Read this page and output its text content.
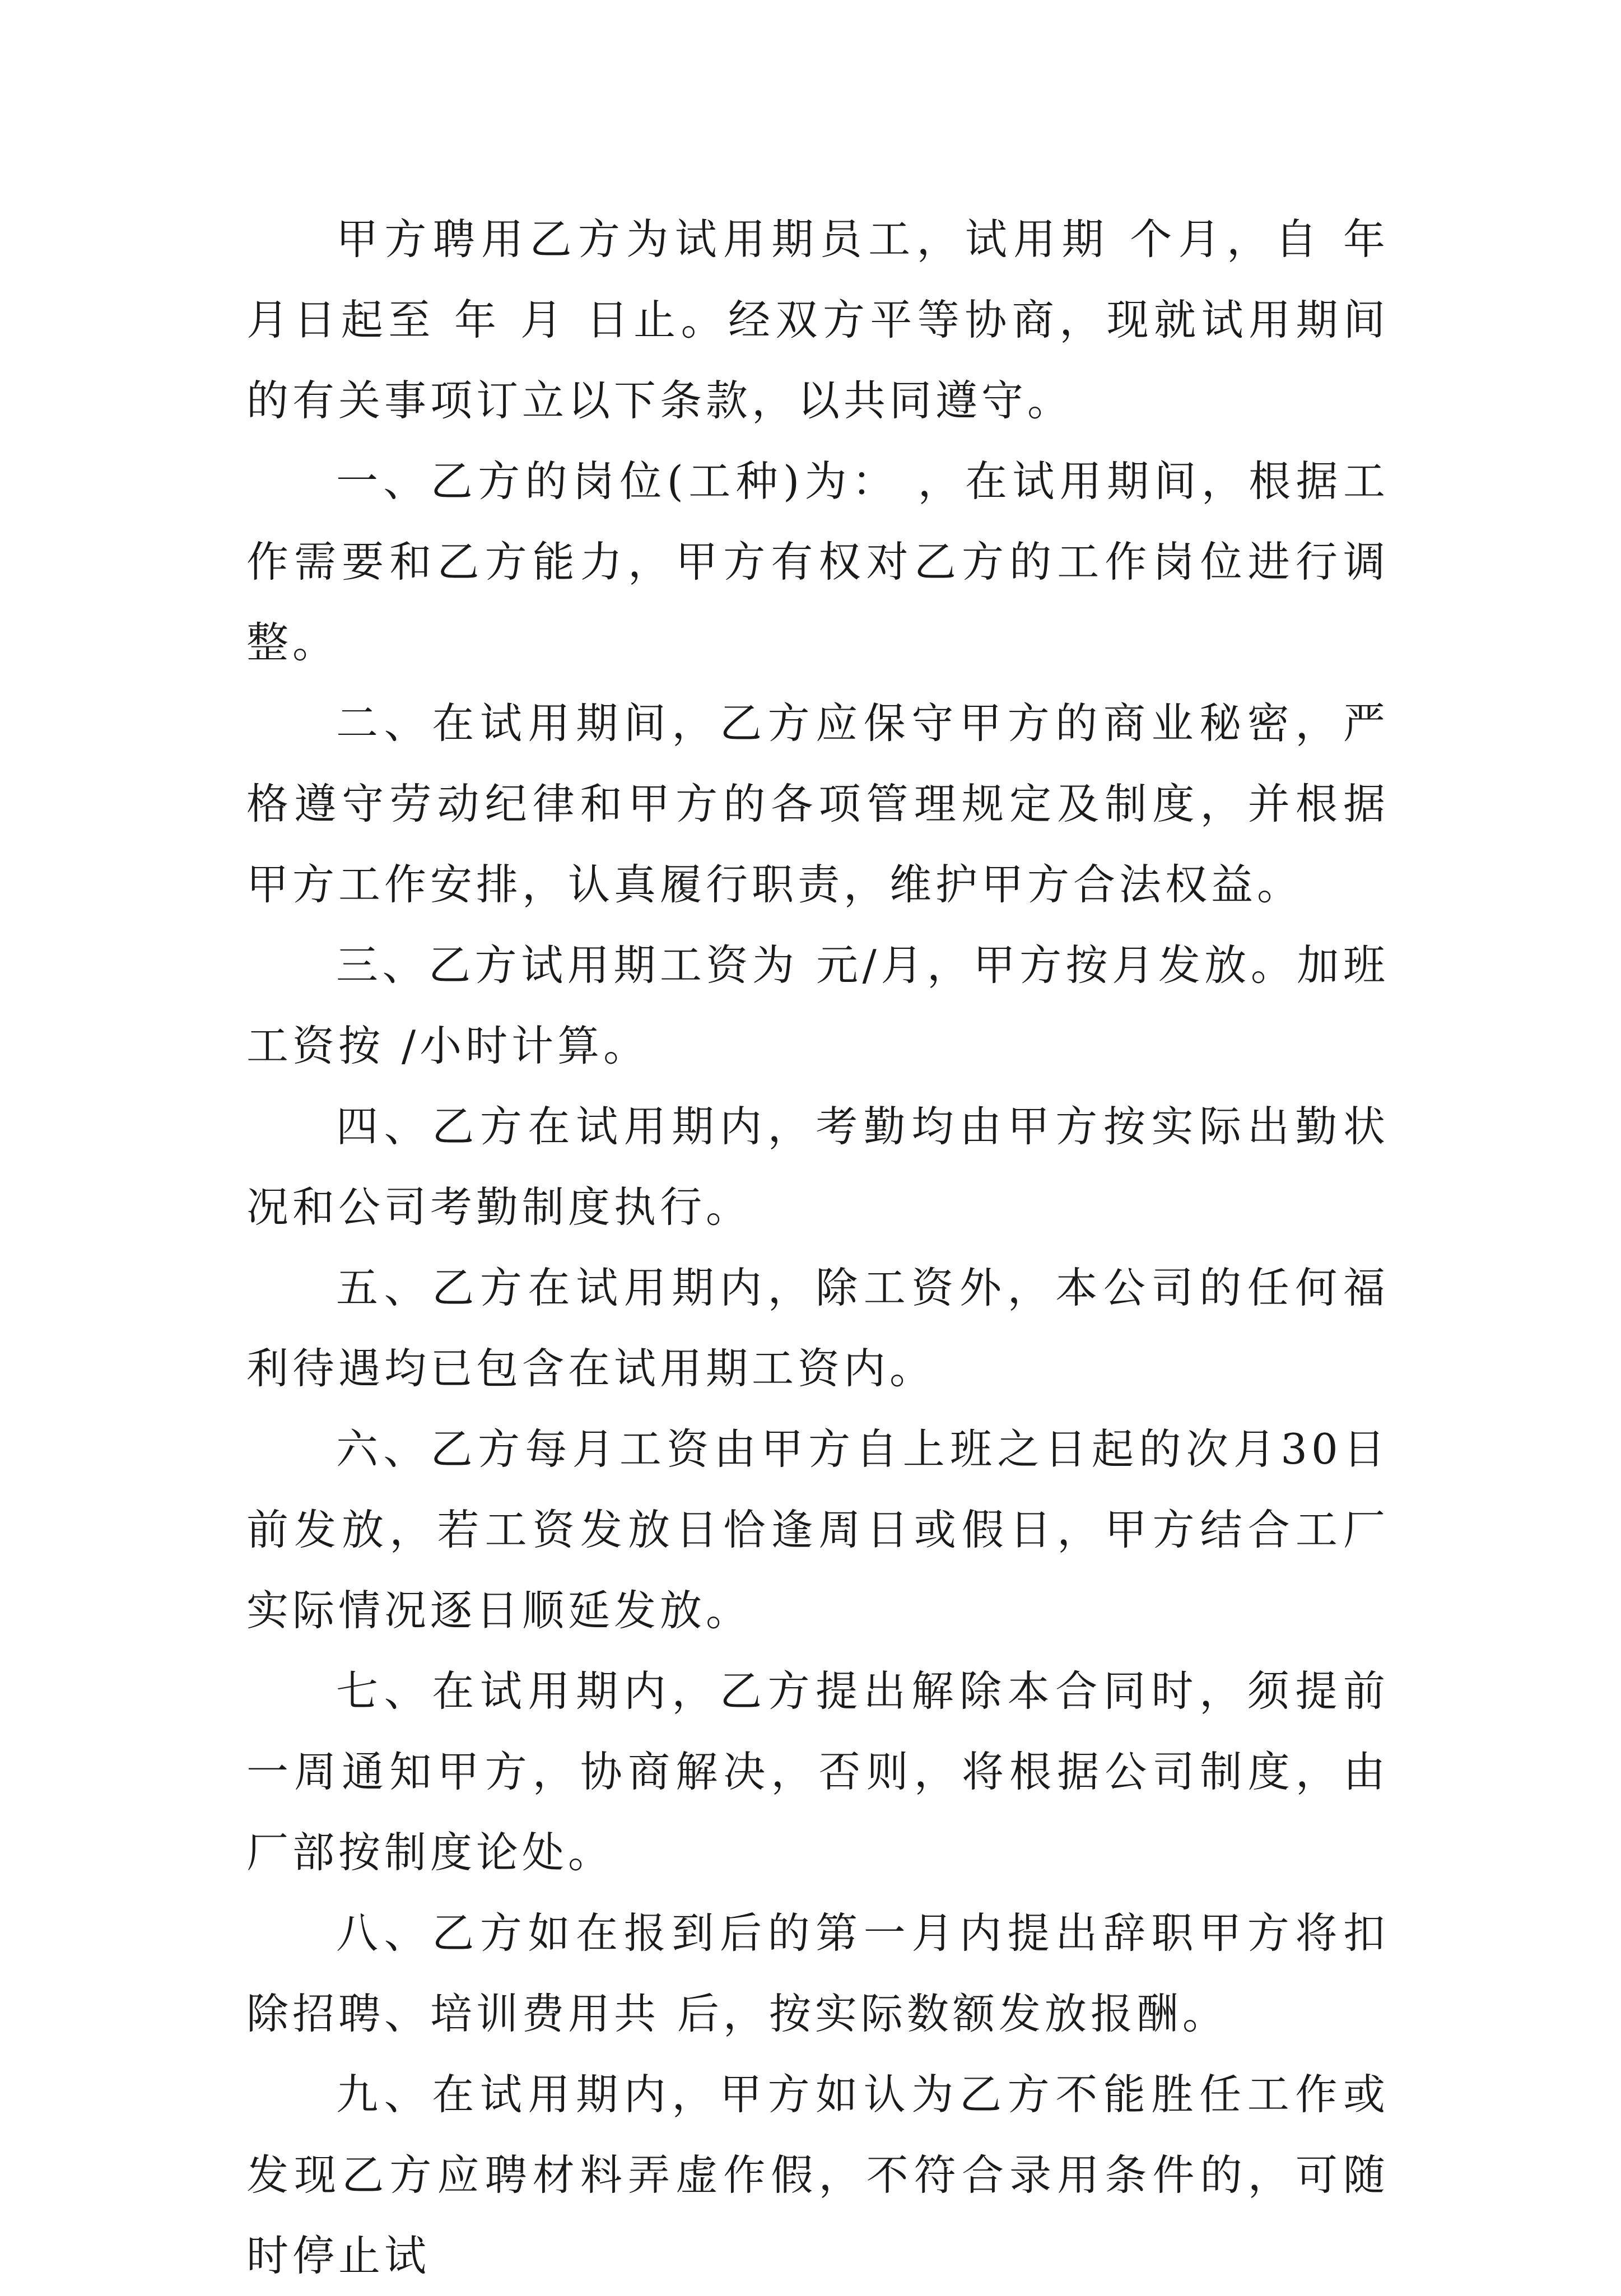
甲方聘用乙方为试用期员工，试用期 个月，自 年 月日起至 年 月 日止。经双方平等协商，现就试用期间的有关事项订立以下条款，以共同遵守。

一、乙方的岗位(工种)为： ，在试用期间，根据工作需要和乙方能力，甲方有权对乙方的工作岗位进行调整。

二、在试用期间，乙方应保守甲方的商业秘密，严格遵守劳动纪律和甲方的各项管理规定及制度，并根据甲方工作安排，认真履行职责，维护甲方合法权益。

三、乙方试用期工资为 元/月，甲方按月发放。加班工资按 /小时计算。

四、乙方在试用期内，考勤均由甲方按实际出勤状况和公司考勤制度执行。

五、乙方在试用期内，除工资外，本公司的任何福利待遇均已包含在试用期工资内。

六、乙方每月工资由甲方自上班之日起的次月30日前发放，若工资发放日恰逢周日或假日，甲方结合工厂实际情况逐日顺延发放。

七、在试用期内，乙方提出解除本合同时，须提前一周通知甲方，协商解决，否则，将根据公司制度，由厂部按制度论处。

八、乙方如在报到后的第一月内提出辞职甲方将扣除招聘、培训费用共 后，按实际数额发放报酬。

九、在试用期内，甲方如认为乙方不能胜任工作或发现乙方应聘材料弄虚作假，不符合录用条件的，可随时停止试
